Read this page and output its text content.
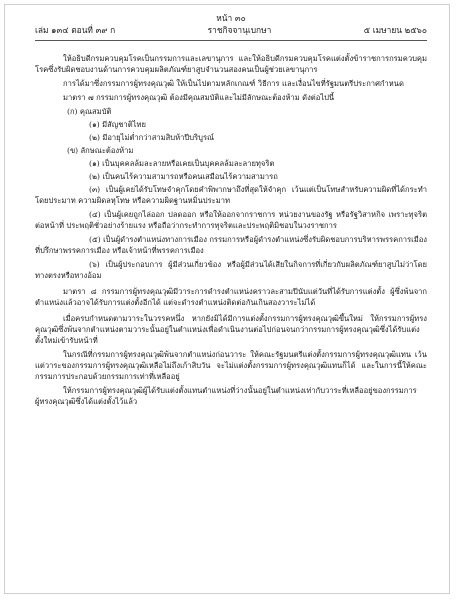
หน้า ๓๐
เล่ม ๑๓๔ ตอนที่ ๓๙ ก	ราชกิจจานุเบกษา	๕ เมษายน ๒๕๖๐

ให้อธิบดีกรมควบคุมโรคเป็นกรรมการและเลขานุการ และให้อธิบดีกรมควบคุมโรคแต่งตั้งข้าราชการกรมควบคุมโรคซึ่งรับผิดชอบงานด้านการควบคุมผลิตภัณฑ์ยาสูบจำนวนสองคนเป็นผู้ช่วยเลขานุการ

การได้มาซึ่งกรรมการผู้ทรงคุณวุฒิ ให้เป็นไปตามหลักเกณฑ์ วิธีการ และเงื่อนไขที่รัฐมนตรีประกาศกำหนด

มาตรา ๗ กรรมการผู้ทรงคุณวุฒิ ต้องมีคุณสมบัติและไม่มีลักษณะต้องห้าม ดังต่อไปนี้

(ก) คุณสมบัติ
(๑) มีสัญชาติไทย
(๒) มีอายุไม่ต่ำกว่าสามสิบห้าปีบริบูรณ์
(ข) ลักษณะต้องห้าม
(๑) เป็นบุคคลล้มละลายหรือเคยเป็นบุคคลล้มละลายทุจริต
(๒) เป็นคนไร้ความสามารถหรือคนเสมือนไร้ความสามารถ

(๓) เป็นผู้เคยได้รับโทษจำคุกโดยคำพิพากษาถึงที่สุดให้จำคุก เว้นแต่เป็นโทษสำหรับความผิดที่ได้กระทำโดยประมาท ความผิดลหุโทษ หรือความผิดฐานหมิ่นประมาท

(๔) เป็นผู้เคยถูกไล่ออก ปลดออก หรือให้ออกจากราชการ หน่วยงานของรัฐ หรือรัฐวิสาหกิจ เพราะทุจริตต่อหน้าที่ ประพฤติชั่วอย่างร้ายแรง หรือถือว่ากระทำการทุจริตและประพฤติมิชอบในวงราชการ

(๕) เป็นผู้ดำรงตำแหน่งทางการเมือง กรรมการหรือผู้ดำรงตำแหน่งซึ่งรับผิดชอบการบริหารพรรคการเมือง ที่ปรึกษาพรรคการเมือง หรือเจ้าหน้าที่พรรคการเมือง

(๖) เป็นผู้ประกอบการ ผู้มีส่วนเกี่ยวข้อง หรือผู้มีส่วนได้เสียในกิจการที่เกี่ยวกับผลิตภัณฑ์ยาสูบไม่ว่าโดยทางตรงหรือทางอ้อม

มาตรา ๘ กรรมการผู้ทรงคุณวุฒิมีวาระการดำรงตำแหน่งคราวละสามปีนับแต่วันที่ได้รับการแต่งตั้ง ผู้ซึ่งพ้นจากตำแหน่งแล้วอาจได้รับการแต่งตั้งอีกได้ แต่จะดำรงตำแหน่งติดต่อกันเกินสองวาระไม่ได้

เมื่อครบกำหนดตามวาระในวรรคหนึ่ง หากยังมิได้มีการแต่งตั้งกรรมการผู้ทรงคุณวุฒิขึ้นใหม่ ให้กรรมการผู้ทรงคุณวุฒิซึ่งพ้นจากตำแหน่งตามวาระนั้นอยู่ในตำแหน่งเพื่อดำเนินงานต่อไปก่อนจนกว่ากรรมการผู้ทรงคุณวุฒิซึ่งได้รับแต่งตั้งใหม่เข้ารับหน้าที่

ในกรณีที่กรรมการผู้ทรงคุณวุฒิพ้นจากตำแหน่งก่อนวาระ ให้คณะรัฐมนตรีแต่งตั้งกรรมการผู้ทรงคุณวุฒิแทน เว้นแต่วาระของกรรมการผู้ทรงคุณวุฒิเหลือไม่ถึงเก้าสิบวัน จะไม่แต่งตั้งกรรมการผู้ทรงคุณวุฒิแทนก็ได้ และในการนี้ให้คณะกรรมการประกอบด้วยกรรมการเท่าที่เหลืออยู่

ให้กรรมการผู้ทรงคุณวุฒิผู้ได้รับแต่งตั้งแทนตำแหน่งที่ว่างนั้นอยู่ในตำแหน่งเท่ากับวาระที่เหลืออยู่ของกรรมการผู้ทรงคุณวุฒิซึ่งได้แต่งตั้งไว้แล้ว
